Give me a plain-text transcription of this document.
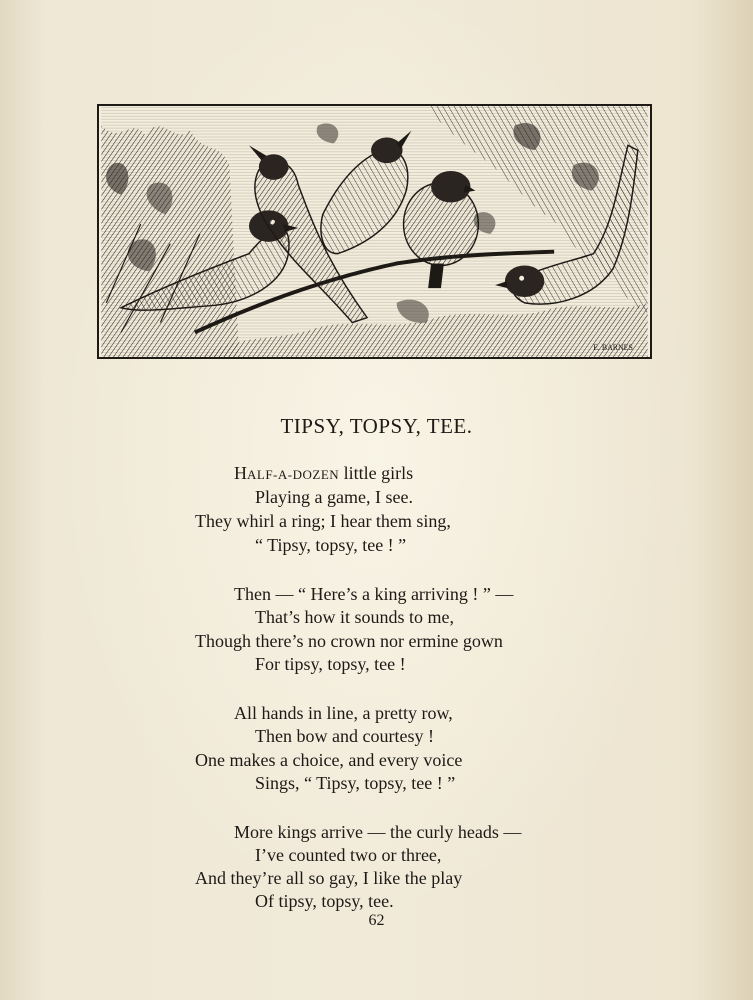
E. BARNES
TIPSY, TOPSY, TEE.
HALF-A-DOZEN little girls
Playing a game, I see.
They whirl a ring; I hear them sing,
“ Tipsy, topsy, tee ! ”
Then — “ Here’s a king arriving ! ” —
That’s how it sounds to me,
Though there’s no crown nor ermine gown
For tipsy, topsy, tee !
All hands in line, a pretty row,
Then bow and courtesy !
One makes a choice, and every voice
Sings, “ Tipsy, topsy, tee ! ”
More kings arrive — the curly heads —
I’ve counted two or three,
And they’re all so gay, I like the play
Of tipsy, topsy, tee.
62
